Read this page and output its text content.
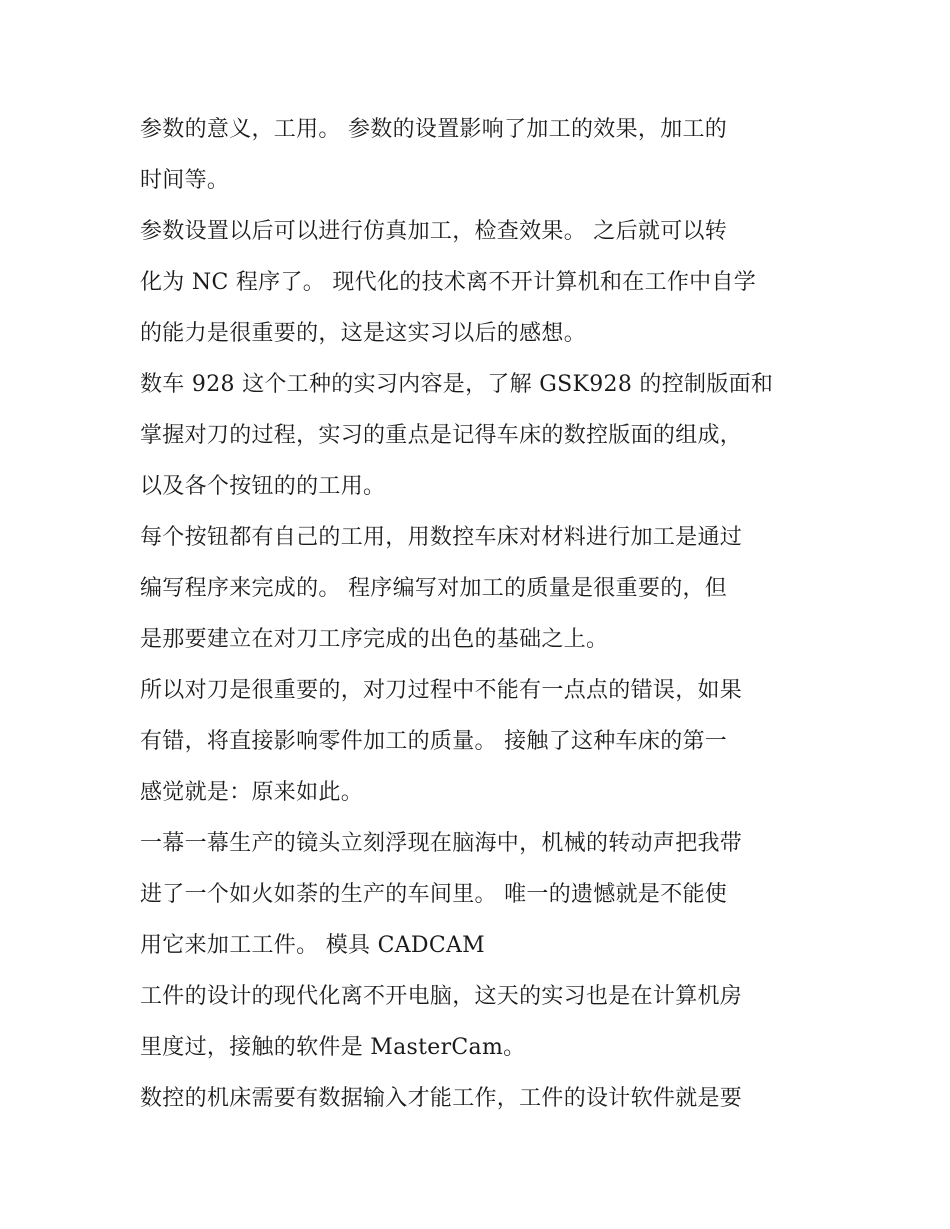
参数的意义，工用。 参数的设置影响了加工的效果，加工的
时间等。

参数设置以后可以进行仿真加工，检查效果。 之后就可以转
化为 NC 程序了。 现代化的技术离不开计算机和在工作中自学
的能力是很重要的，这是这实习以后的感想。

数车 928 这个工种的实习内容是，了解 GSK928 的控制版面和
掌握对刀的过程，实习的重点是记得车床的数控版面的组成，
以及各个按钮的的工用。

每个按钮都有自己的工用，用数控车床对材料进行加工是通过
编写程序来完成的。 程序编写对加工的质量是很重要的，但
是那要建立在对刀工序完成的出色的基础之上。

所以对刀是很重要的，对刀过程中不能有一点点的错误，如果
有错，将直接影响零件加工的质量。 接触了这种车床的第一
感觉就是：原来如此。

一幕一幕生产的镜头立刻浮现在脑海中，机械的转动声把我带
进了一个如火如荼的生产的车间里。 唯一的遗憾就是不能使
用它来加工工件。 模具 CADCAM

工件的设计的现代化离不开电脑，这天的实习也是在计算机房
里度过，接触的软件是 MasterCam。

数控的机床需要有数据输入才能工作，工件的设计软件就是要
